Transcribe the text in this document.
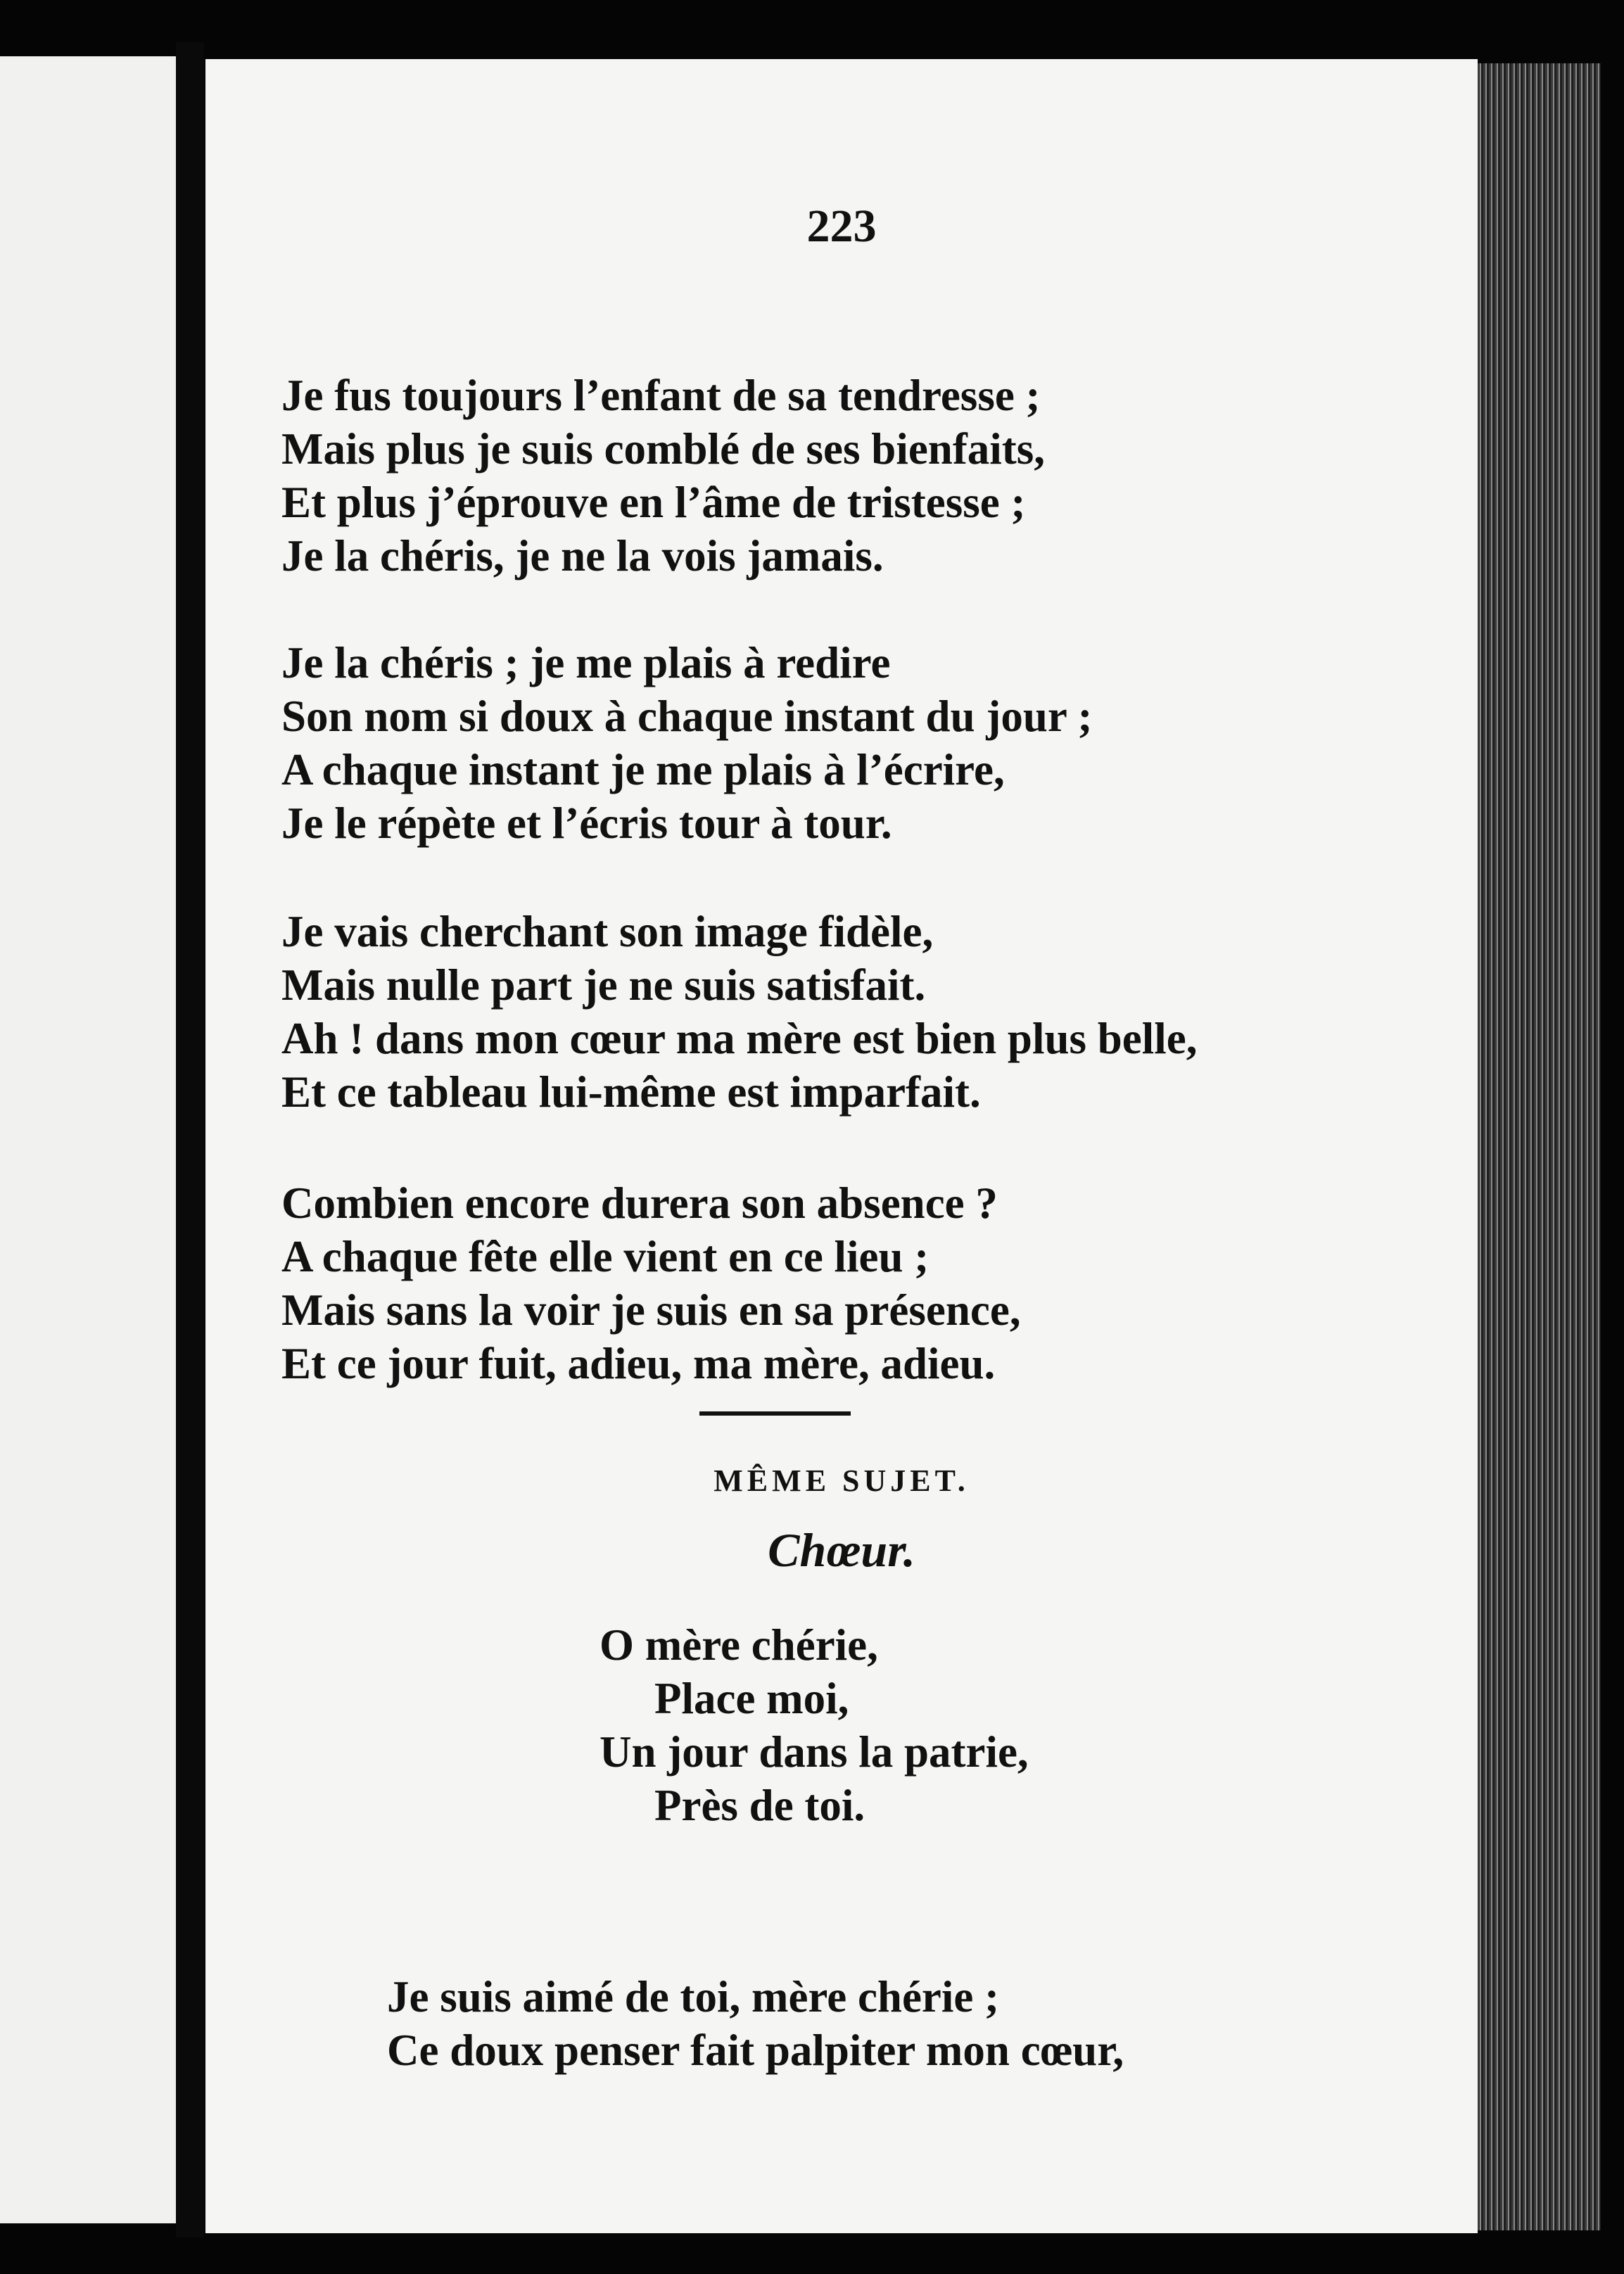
223
Je fus toujours l’enfant de sa tendresse ;
Mais plus je suis comblé de ses bienfaits,
Et plus j’éprouve en l’âme de tristesse ;
Je la chéris, je ne la vois jamais.
Je la chéris ; je me plais à redire
Son nom si doux à chaque instant du jour ;
A chaque instant je me plais à l’écrire,
Je le répète et l’écris tour à tour.
Je vais cherchant son image fidèle,
Mais nulle part je ne suis satisfait.
Ah ! dans mon cœur ma mère est bien plus belle,
Et ce tableau lui-même est imparfait.
Combien encore durera son absence ?
A chaque fête elle vient en ce lieu ;
Mais sans la voir je suis en sa présence,
Et ce jour fuit, adieu, ma mère, adieu.
MÊME SUJET.
Chœur.
O mère chérie,
Place moi,
Un jour dans la patrie,
Près de toi.
Je suis aimé de toi, mère chérie ;
Ce doux penser fait palpiter mon cœur,
